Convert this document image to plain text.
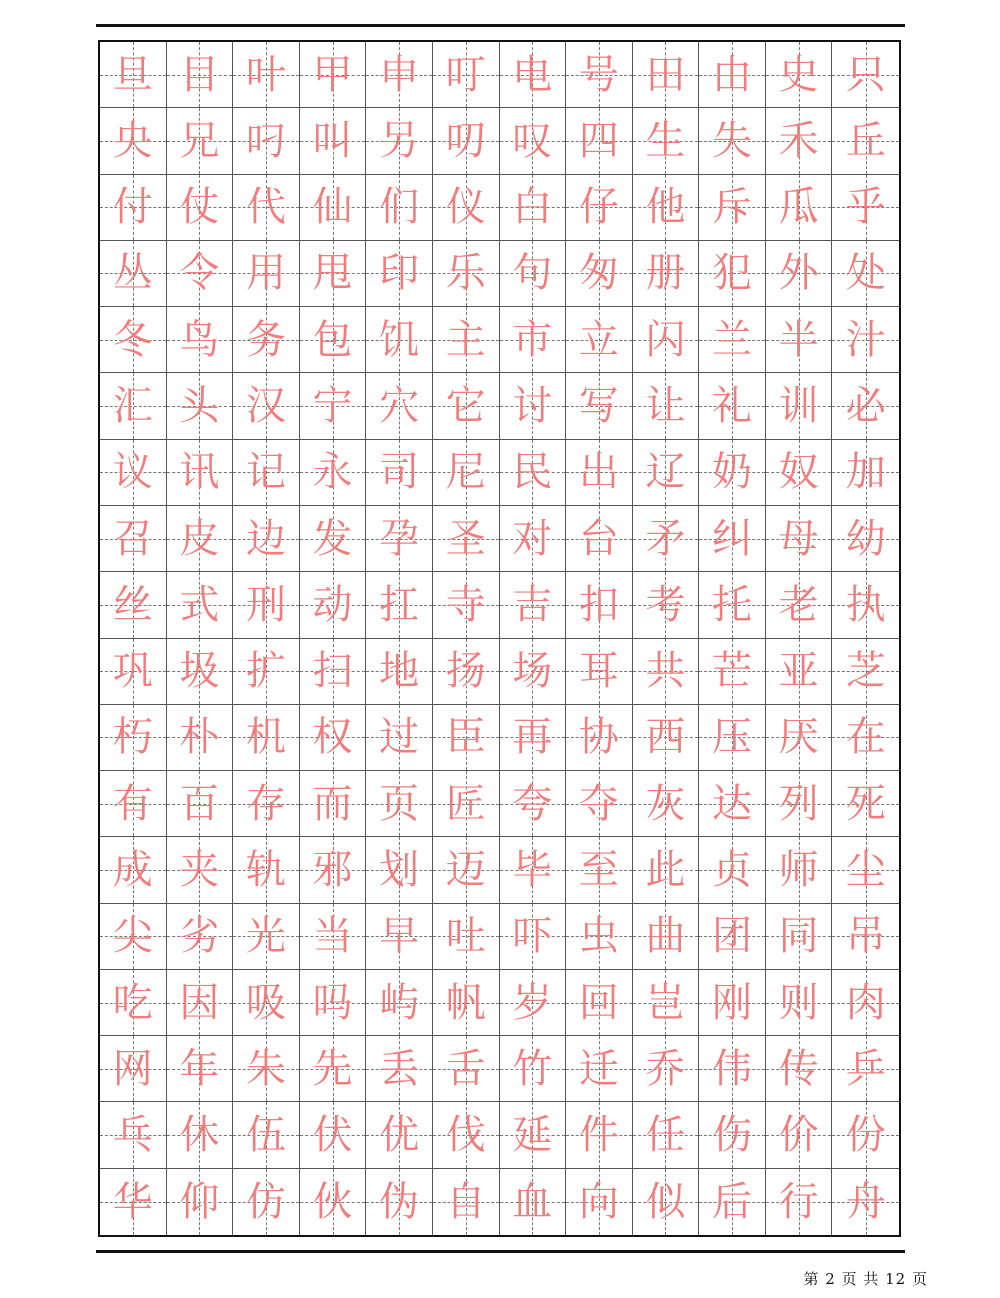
旦 目 叶 甲 申 叮 电 号 田 由 史 只
央 兄 叼 叫 另 叨 叹 四 生 失 禾 丘
付 仗 代 仙 们 仪 白 仔 他 斥 瓜 乎
丛 令 用 甩 印 乐 句 匆 册 犯 外 处
冬 鸟 务 包 饥 主 市 立 闪 兰 半 汁
汇 头 汉 宁 穴 它 讨 写 让 礼 训 必
议 讯 记 永 司 尼 民 出 辽 奶 奴 加
召 皮 边 发 孕 圣 对 台 矛 纠 母 幼
丝 式 刑 动 扛 寺 吉 扣 考 托 老 执
巩 圾 扩 扫 地 扬 场 耳 共 芒 亚 芝
朽 朴 机 权 过 臣 再 协 西 压 厌 在
有 百 存 而 页 匠 夸 夺 灰 达 列 死
成 夹 轨 邪 划 迈 毕 至 此 贞 师 尘
尖 劣 光 当 早 吐 吓 虫 曲 团 同 吊
吃 因 吸 吗 屿 帆 岁 回 岂 刚 则 肉
网 年 朱 先 丢 舌 竹 迁 乔 伟 传 乒
乓 休 伍 伏 优 伐 延 件 任 伤 价 份
华 仰 仿 伙 伪 自 血 向 似 后 行 舟
第 2 页 共 12 页
